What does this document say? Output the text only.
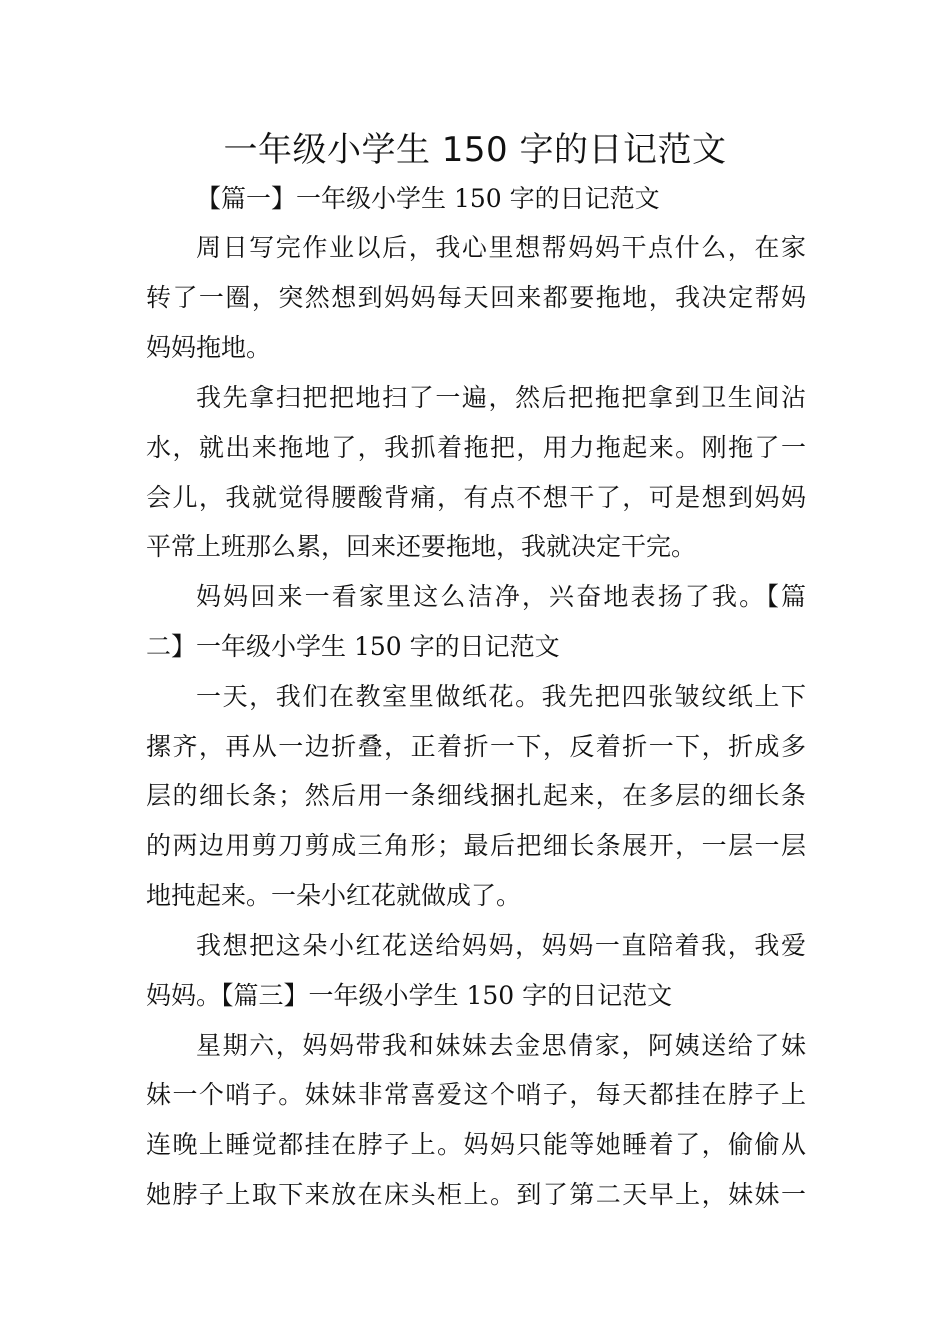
一年级小学生 150 字的日记范文

【篇一】一年级小学生 150 字的日记范文

周日写完作业以后，我心里想帮妈妈干点什么，在家

转了一圈，突然想到妈妈每天回来都要拖地，我决定帮妈

妈妈拖地。

我先拿扫把把地扫了一遍，然后把拖把拿到卫生间沾

水，就出来拖地了，我抓着拖把，用力拖起来。刚拖了一

会儿，我就觉得腰酸背痛，有点不想干了，可是想到妈妈

平常上班那么累，回来还要拖地，我就决定干完。

妈妈回来一看家里这么洁净，兴奋地表扬了我。【篇

二】一年级小学生 150 字的日记范文

一天，我们在教室里做纸花。我先把四张皱纹纸上下

摞齐，再从一边折叠，正着折一下，反着折一下，折成多

层的细长条；然后用一条细线捆扎起来，在多层的细长条

的两边用剪刀剪成三角形；最后把细长条展开，一层一层

地扽起来。一朵小红花就做成了。

我想把这朵小红花送给妈妈，妈妈一直陪着我，我爱

妈妈。【篇三】一年级小学生 150 字的日记范文

星期六，妈妈带我和妹妹去金思倩家，阿姨送给了妹

妹一个哨子。妹妹非常喜爱这个哨子，每天都挂在脖子上

连晚上睡觉都挂在脖子上。妈妈只能等她睡着了，偷偷从

她脖子上取下来放在床头柜上。到了第二天早上，妹妹一
